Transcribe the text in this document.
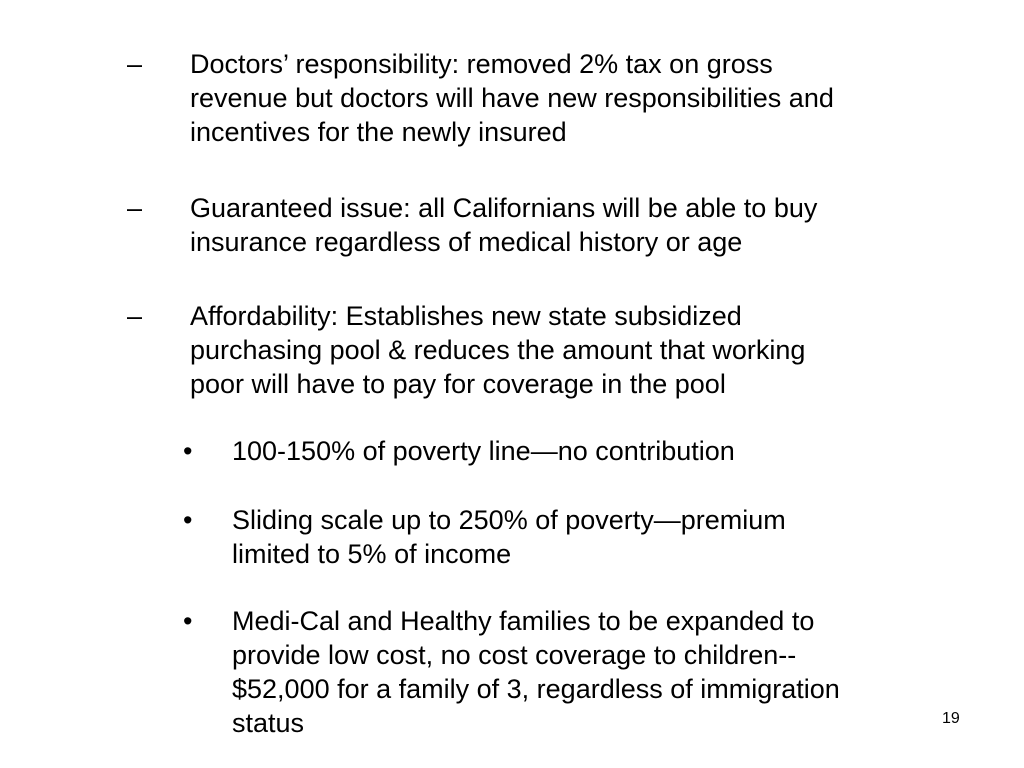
– Doctors’ responsibility: removed 2% tax on gross
revenue but doctors will have new responsibilities and
incentives for the newly insured
– Guaranteed issue: all Californians will be able to buy
insurance regardless of medical history or age
– Affordability: Establishes new state subsidized
purchasing pool & reduces the amount that working
poor will have to pay for coverage in the pool
• 100-150% of poverty line—no contribution
• Sliding scale up to 250% of poverty—premium
limited to 5% of income
• Medi-Cal and Healthy families to be expanded to
provide low cost, no cost coverage to children--
$52,000 for a family of 3, regardless of immigration
status	19
